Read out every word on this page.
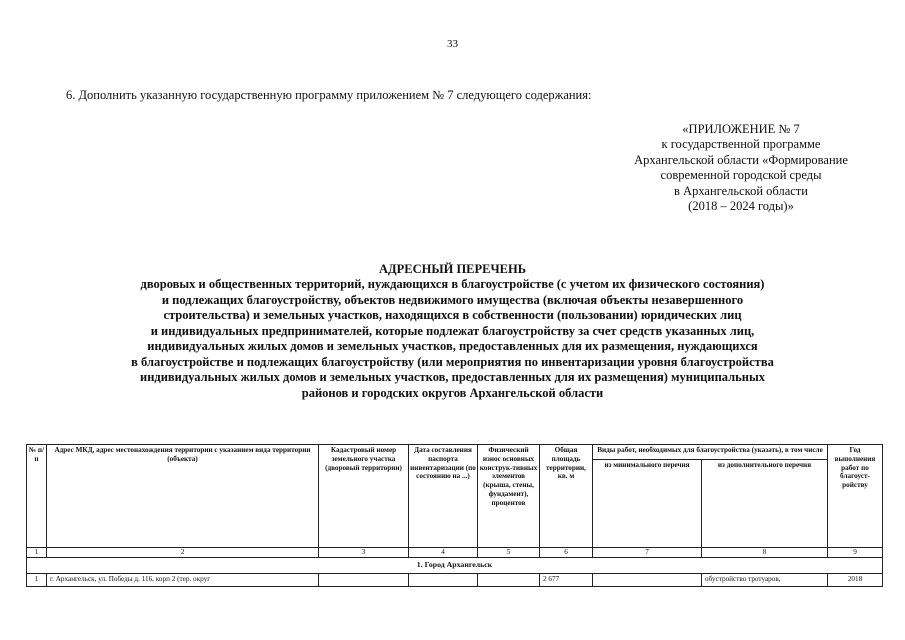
33
6. Дополнить указанную государственную программу приложением № 7 следующего содержания:
«ПРИЛОЖЕНИЕ № 7
к государственной программе
Архангельской области «Формирование
современной городской среды
в Архангельской области
(2018 – 2024 годы)»
АДРЕСНЫЙ ПЕРЕЧЕНЬ
дворовых и общественных территорий, нуждающихся в благоустройстве (с учетом их физического состояния)
и подлежащих благоустройству, объектов недвижимого имущества (включая объекты незавершенного
строительства) и земельных участков, находящихся в собственности (пользовании) юридических лиц
и индивидуальных предпринимателей, которые подлежат благоустройству за счет средств указанных лиц,
индивидуальных жилых домов и земельных участков, предоставленных для их размещения, нуждающихся
в благоустройстве и подлежащих благоустройству (или мероприятия по инвентаризации уровня благоустройства
индивидуальных жилых домов и земельных участков, предоставленных для их размещения) муниципальных
районов и городских округов Архангельской области
№ п/п	Адрес МКД, адрес местонахождения территории с указанием вида территории (объекта)	Кадастровый номер земельного участка (дворовый территории)	Дата составления паспорта инвентаризации (по состоянию на ...)	Физический износ основных конструк-тивных элементов (крыша, стены, фундамент), процентов	Общая площадь территории, кв. м	Виды работ, необходимых для благоустройства (указать), в том числе		Год выполнения работ по благоуст-ройству
						из минимального перечня	из дополнительного перечня	
1	2	3	4	5	6	7	8	9
1. Город Архангельск								
1	г. Архангельск, ул. Победы д. 116, корп 2 (тер. округ				2 677		обустройство тротуаров,	2018
